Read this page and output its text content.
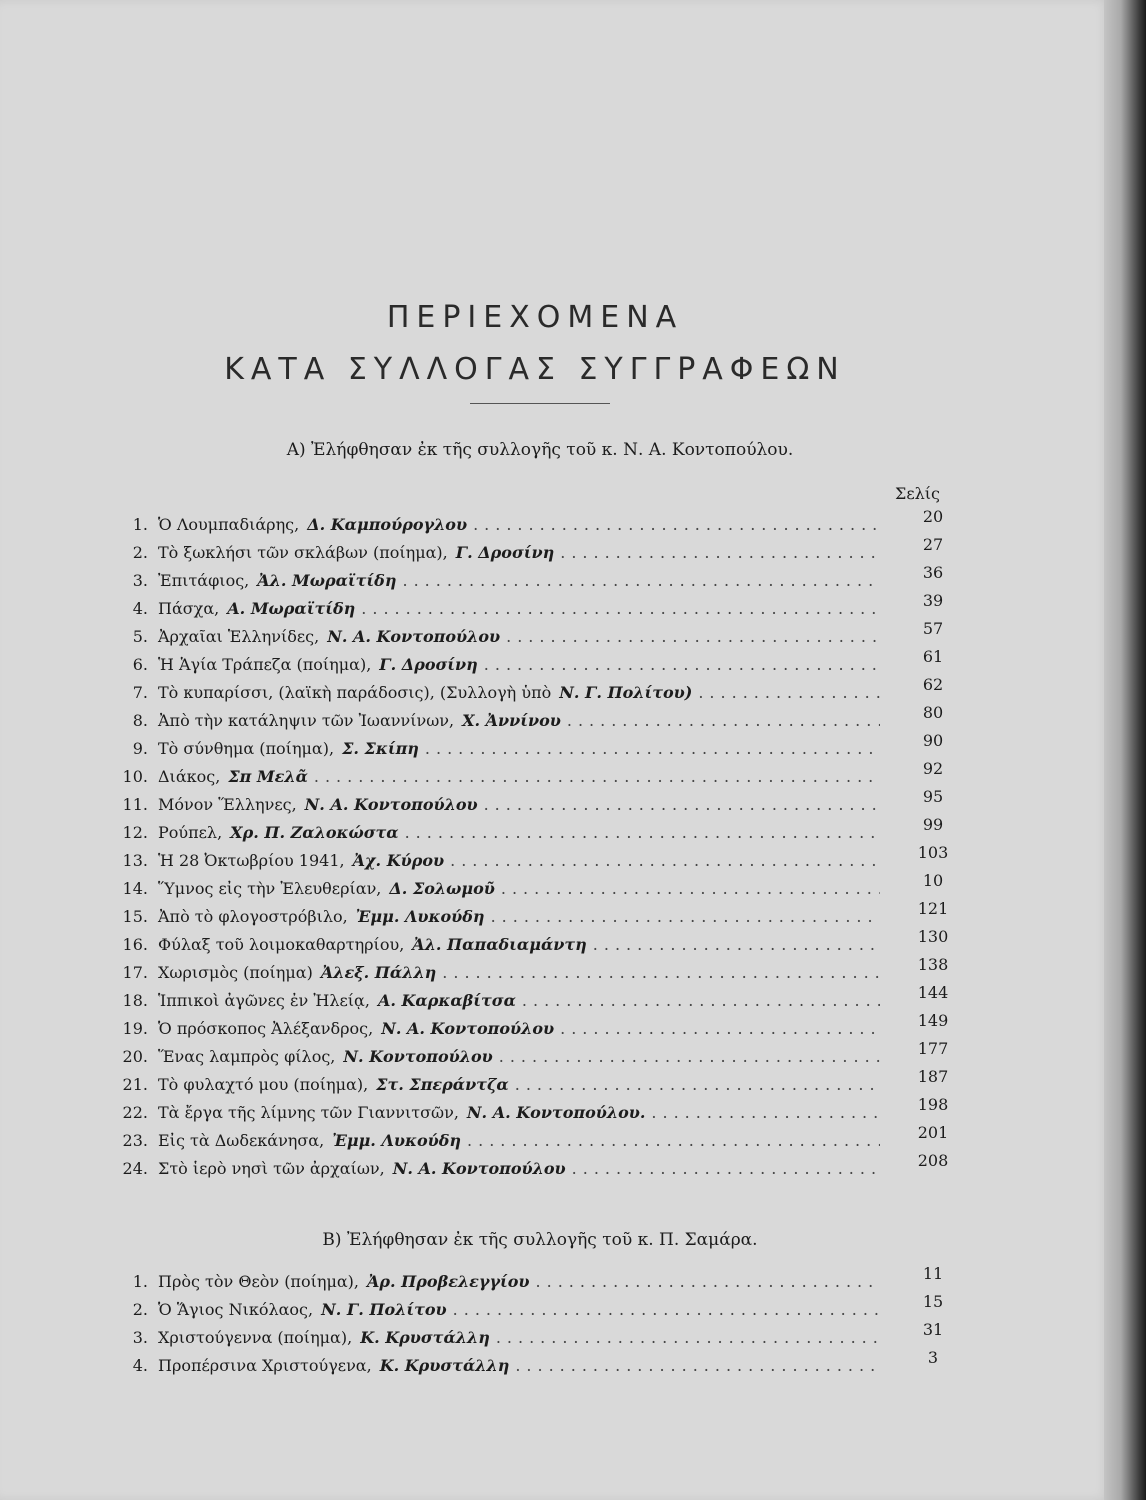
ΠΕΡΙΕΧΟΜΕΝΑ
ΚΑΤΑ ΣΥΛΛΟΓΑΣ ΣΥΓΓΡΑΦΕΩΝ
Α) Ἐλήφθησαν ἐκ τῆς συλλογῆς τοῦ κ. Ν. Α. Κοντοπούλου.
Σελίς
1. Ὁ Λουμπαδιάρης, Δ. Καμπούρογλου .....	20
2. Τὸ ξωκλήσι τῶν σκλάβων (ποίημα), Γ. Δροσίνη .....	27
3. Ἐπιτάφιος, Ἀλ. Μωραϊτίδη .....	36
4. Πάσχα, Α. Μωραϊτίδη .....	39
5. Ἀρχαῖαι Ἑλληνίδες, Ν. Α. Κοντοπούλου .....	57
6. Ἡ Ἁγία Τράπεζα (ποίημα), Γ. Δροσίνη .....	61
7. Τὸ κυπαρίσσι, (λαϊκὴ παράδοσις), (Συλλογὴ ὑπὸ Ν. Γ. Πολίτου) .....	62
8. Ἀπὸ τὴν κατάληψιν τῶν Ἰωαννίνων, Χ. Ἀννίνου .....	80
9. Τὸ σύνθημα (ποίημα), Σ. Σκίπη .....	90
10. Διάκος, Σπ Μελᾶ .....	92
11. Μόνον Ἕλληνες, Ν. Α. Κοντοπούλου .....	95
12. Ρούπελ, Χρ. Π. Ζαλοκώστα .....	99
13. Ἡ 28 Ὀκτωβρίου 1941, Ἀχ. Κύρου .....	103
14. Ὕμνος εἰς τὴν Ἐλευθερίαν, Δ. Σολωμοῦ .....	10
15. Ἀπὸ τὸ φλογοστρόβιλο, Ἐμμ. Λυκούδη .....	121
16. Φύλαξ τοῦ λοιμοκαθαρτηρίου, Ἀλ. Παπαδιαμάντη .....	130
17. Χωρισμὸς (ποίημα) Ἀλεξ. Πάλλη .....	138
18. Ἱππικοὶ ἀγῶνες ἐν Ἠλείᾳ, Α. Καρκαβίτσα .....	144
19. Ὁ πρόσκοπος Ἀλέξανδρος, Ν. Α. Κοντοπούλου .....	149
20. Ἕνας λαμπρὸς φίλος, Ν. Κοντοπούλου .....	177
21. Τὸ φυλαχτό μου (ποίημα), Στ. Σπεράντζα .....	187
22. Τὰ ἔργα τῆς λίμνης τῶν Γιαννιτσῶν, Ν. Α. Κοντοπούλου. .....	198
23. Εἰς τὰ Δωδεκάνησα, Ἐμμ. Λυκούδη .....	201
24. Στὸ ἱερὸ νησὶ τῶν ἀρχαίων, Ν. Α. Κοντοπούλου .....	208
Β) Ἐλήφθησαν ἐκ τῆς συλλογῆς τοῦ κ. Π. Σαμάρα.
1. Πρὸς τὸν Θεὸν (ποίημα), Ἀρ. Προβελεγγίου .....	11
2. Ὁ Ἅγιος Νικόλαος, Ν. Γ. Πολίτου .....	15
3. Χριστούγεννα (ποίημα), Κ. Κρυστάλλη .....	31
4. Προπέρσινα Χριστούγενα, Κ. Κρυστάλλη .....	3
